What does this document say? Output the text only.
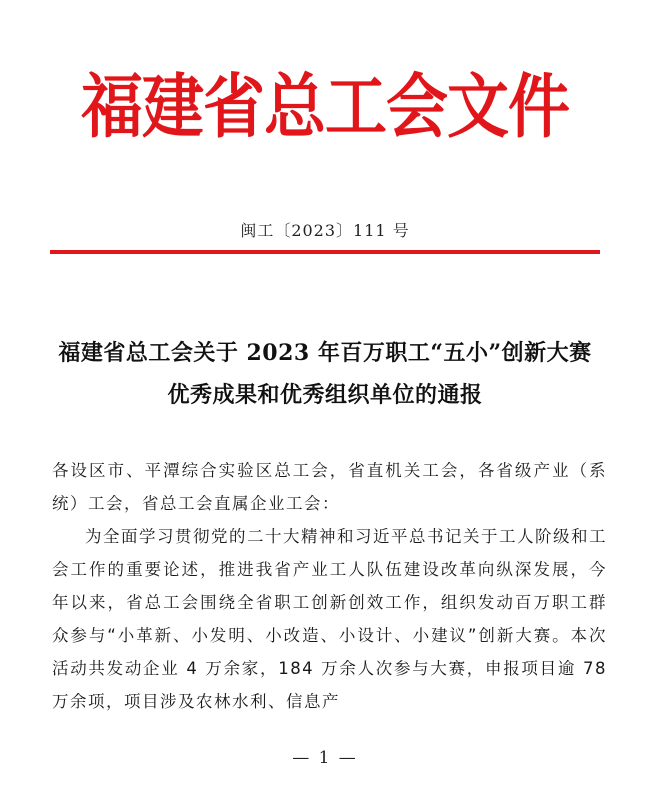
福建省总工会文件
闽工〔2023〕111 号
福建省总工会关于 2023 年百万职工“五小”创新大赛
优秀成果和优秀组织单位的通报

各设区市、平潭综合实验区总工会，省直机关工会，各省级产业（系统）工会，省总工会直属企业工会：

为全面学习贯彻党的二十大精神和习近平总书记关于工人阶级和工会工作的重要论述，推进我省产业工人队伍建设改革向纵深发展，今年以来，省总工会围绕全省职工创新创效工作，组织发动百万职工群众参与“小革新、小发明、小改造、小设计、小建议”创新大赛。本次活动共发动企业 4 万余家，184 万余人次参与大赛，申报项目逾 78 万余项，项目涉及农林水利、信息产

— 1 —
